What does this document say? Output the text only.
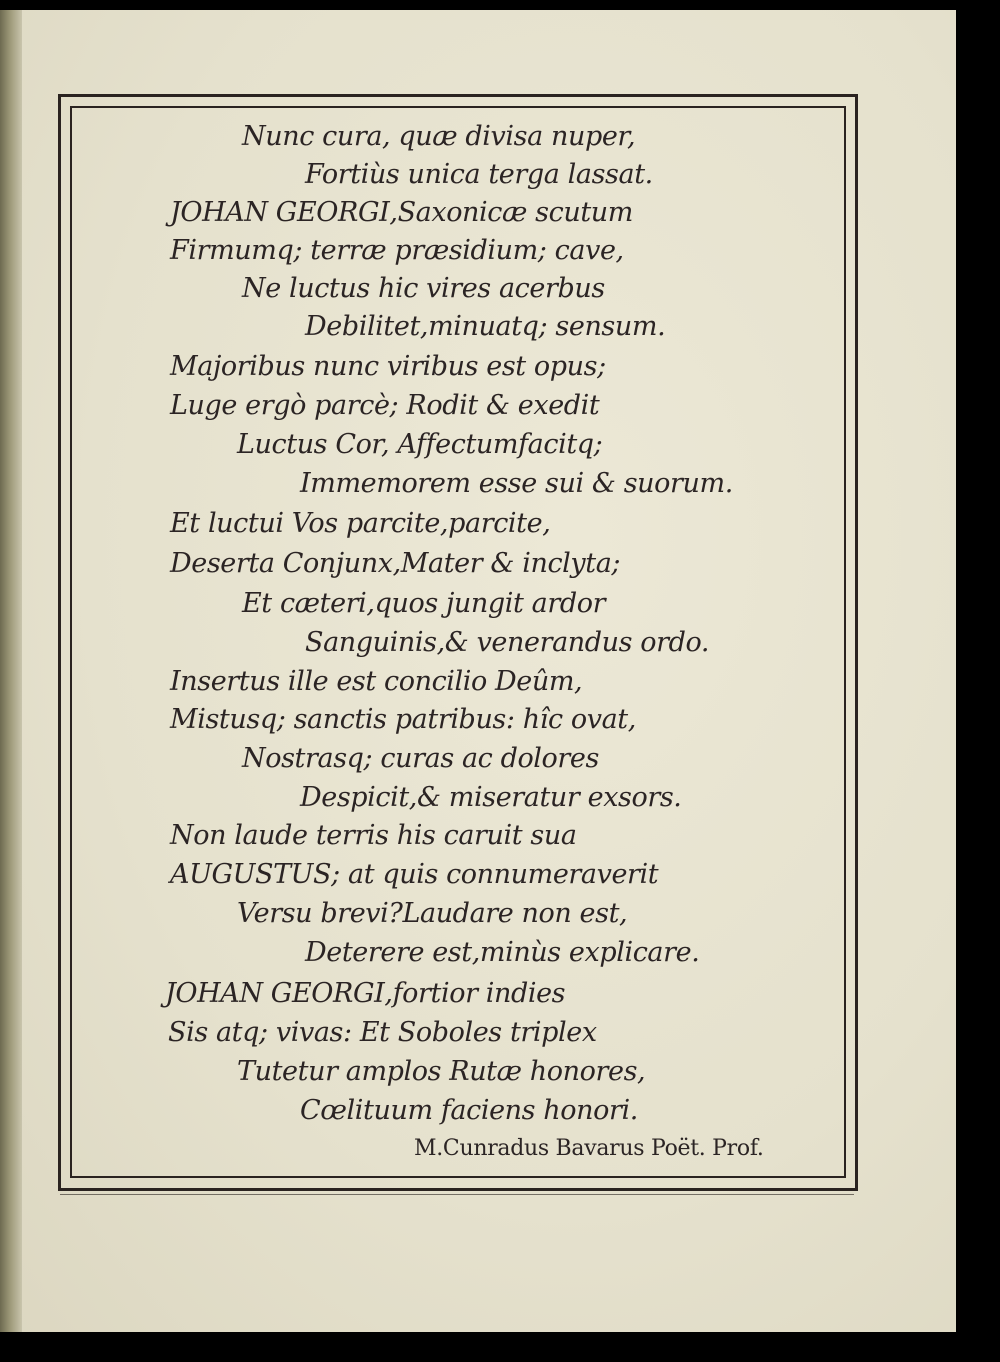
Nunc cura, quæ divisa nuper,
Fortiùs unica terga lassat.
JOHAN GEORGI,Saxonicæ scutum
Firmumq; terræ præsidium; cave,
Ne luctus hic vires acerbus
Debilitet,minuatq; sensum.
Majoribus nunc viribus est opus;
Luge ergò parcè; Rodit & exedit
Luctus Cor, Affectumfacitq;
Immemorem esse sui & suorum.
Et luctui Vos parcite,parcite,
Deserta Conjunx,Mater & inclyta;
Et cæteri,quos jungit ardor
Sanguinis,& venerandus ordo.
Insertus ille est concilio Deûm,
Mistusq; sanctis patribus: hîc ovat,
Nostrasq; curas ac dolores
Despicit,& miseratur exsors.
Non laude terris his caruit sua
AUGUSTUS; at quis connumeraverit
Versu brevi?Laudare non est,
Deterere est,minùs explicare.
JOHAN GEORGI,fortior indies
Sis atq; vivas: Et Soboles triplex
Tutetur amplos Rutæ honores,
Cœlituum faciens honori.
M.Cunradus Bavarus Poët. Prof.
